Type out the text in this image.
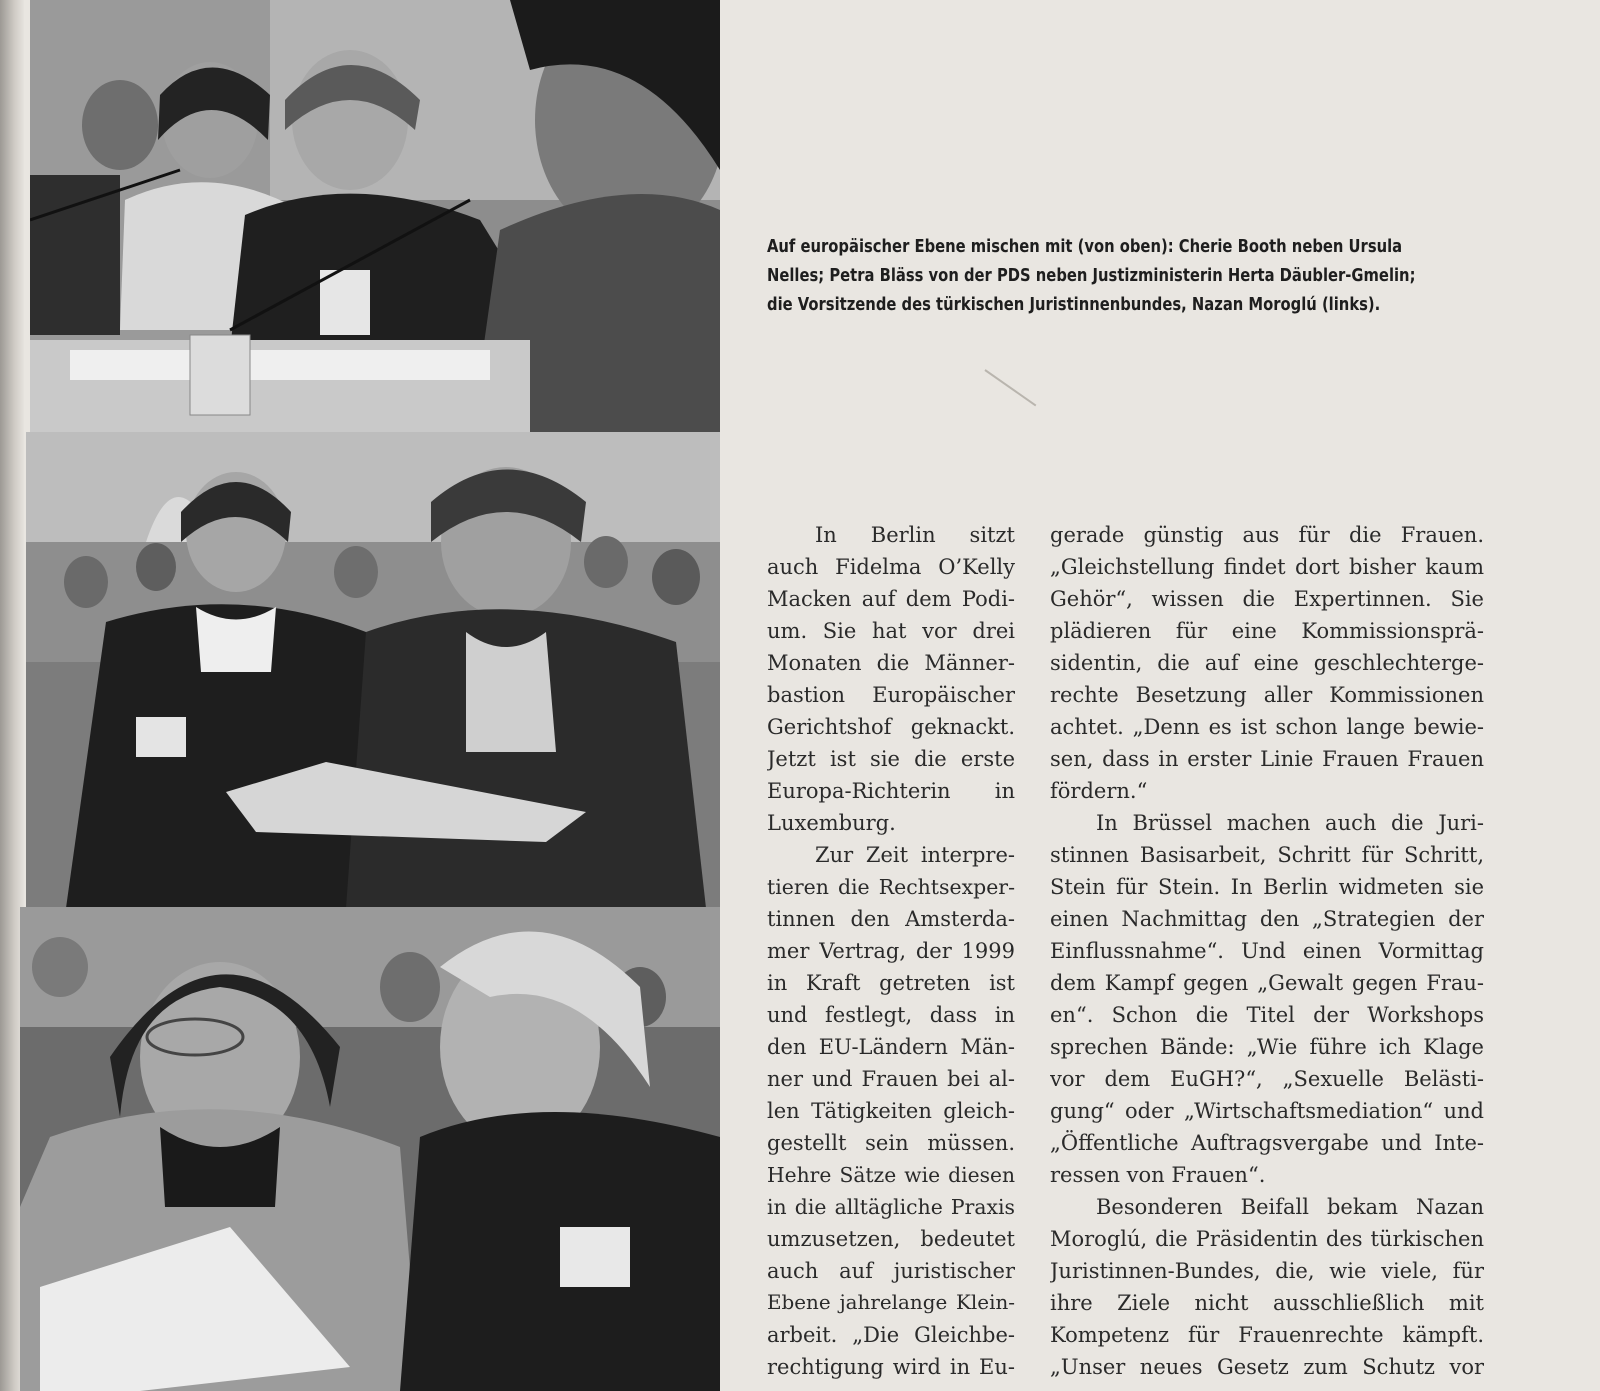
Auf europäischer Ebene mischen mit (von oben): Cherie Booth neben Ursula
Nelles; Petra Bläss von der PDS neben Justizministerin Herta Däubler-Gmelin;
die Vorsitzende des türkischen Juristinnenbundes, Nazan Moroglú (links).
In Berlin sitzt
auch Fidelma O’Kelly
Macken auf dem Podi-
um. Sie hat vor drei
Monaten die Männer-
bastion Europäischer
Gerichtshof geknackt.
Jetzt ist sie die erste
Europa-Richterin in
Luxemburg.
Zur Zeit interpre-
tieren die Rechtsexper-
tinnen den Amsterda-
mer Vertrag, der 1999
in Kraft getreten ist
und festlegt, dass in
den EU-Ländern Män-
ner und Frauen bei al-
len Tätigkeiten gleich-
gestellt sein müssen.
Hehre Sätze wie diesen
in die alltägliche Praxis
umzusetzen, bedeutet
auch auf juristischer
Ebene jahrelange Klein-
arbeit. „Die Gleichbe-
rechtigung wird in Eu-
gerade günstig aus für die Frauen.
„Gleichstellung findet dort bisher kaum
Gehör“, wissen die Expertinnen. Sie
plädieren für eine Kommissionsprä-
sidentin, die auf eine geschlechterge-
rechte Besetzung aller Kommissionen
achtet. „Denn es ist schon lange bewie-
sen, dass in erster Linie Frauen Frauen
fördern.“
In Brüssel machen auch die Juri-
stinnen Basisarbeit, Schritt für Schritt,
Stein für Stein. In Berlin widmeten sie
einen Nachmittag den „Strategien der
Einflussnahme“. Und einen Vormittag
dem Kampf gegen „Gewalt gegen Frau-
en“. Schon die Titel der Workshops
sprechen Bände: „Wie führe ich Klage
vor dem EuGH?“, „Sexuelle Belästi-
gung“ oder „Wirtschaftsmediation“ und
„Öffentliche Auftragsvergabe und Inte-
ressen von Frauen“.
Besonderen Beifall bekam Nazan
Moroglú, die Präsidentin des türkischen
Juristinnen-Bundes, die, wie viele, für
ihre Ziele nicht ausschließlich mit
Kompetenz für Frauenrechte kämpft.
„Unser neues Gesetz zum Schutz vor
